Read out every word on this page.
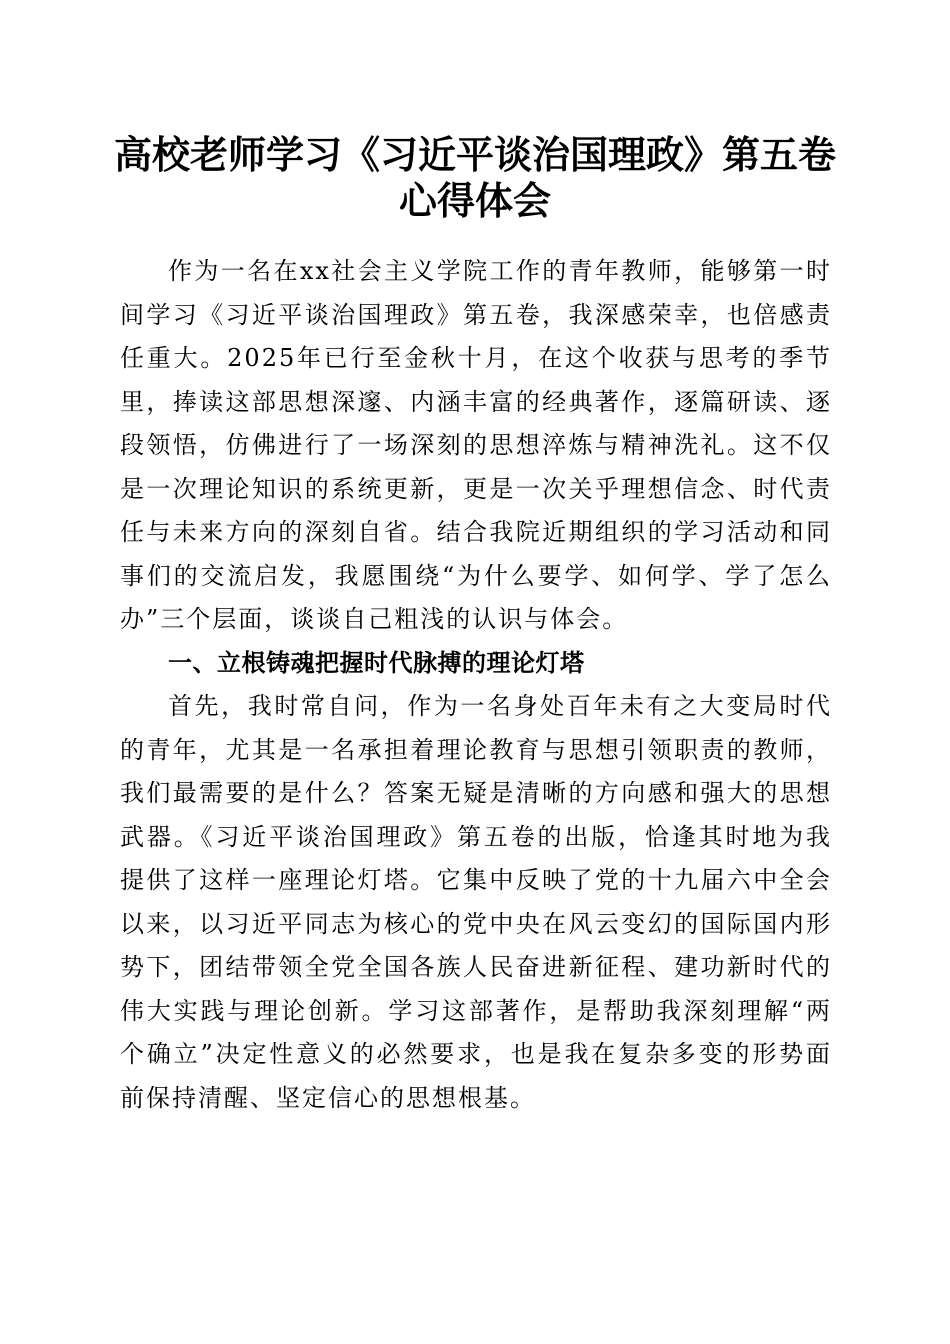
高校老师学习《习近平谈治国理政》第五卷心得体会

作为一名在xx社会主义学院工作的青年教师，能够第一时间学习《习近平谈治国理政》第五卷，我深感荣幸，也倍感责任重大。2025年已行至金秋十月，在这个收获与思考的季节里，捧读这部思想深邃、内涵丰富的经典著作，逐篇研读、逐段领悟，仿佛进行了一场深刻的思想淬炼与精神洗礼。这不仅是一次理论知识的系统更新，更是一次关乎理想信念、时代责任与未来方向的深刻自省。结合我院近期组织的学习活动和同事们的交流启发，我愿围绕“为什么要学、如何学、学了怎么办”三个层面，谈谈自己粗浅的认识与体会。

一、立根铸魂把握时代脉搏的理论灯塔

首先，我时常自问，作为一名身处百年未有之大变局时代的青年，尤其是一名承担着理论教育与思想引领职责的教师，我们最需要的是什么？答案无疑是清晰的方向感和强大的思想武器。《习近平谈治国理政》第五卷的出版，恰逢其时地为我提供了这样一座理论灯塔。它集中反映了党的十九届六中全会以来，以习近平同志为核心的党中央在风云变幻的国际国内形势下，团结带领全党全国各族人民奋进新征程、建功新时代的伟大实践与理论创新。学习这部著作，是帮助我深刻理解“两个确立”决定性意义的必然要求，也是我在复杂多变的形势面前保持清醒、坚定信心的思想根基。
